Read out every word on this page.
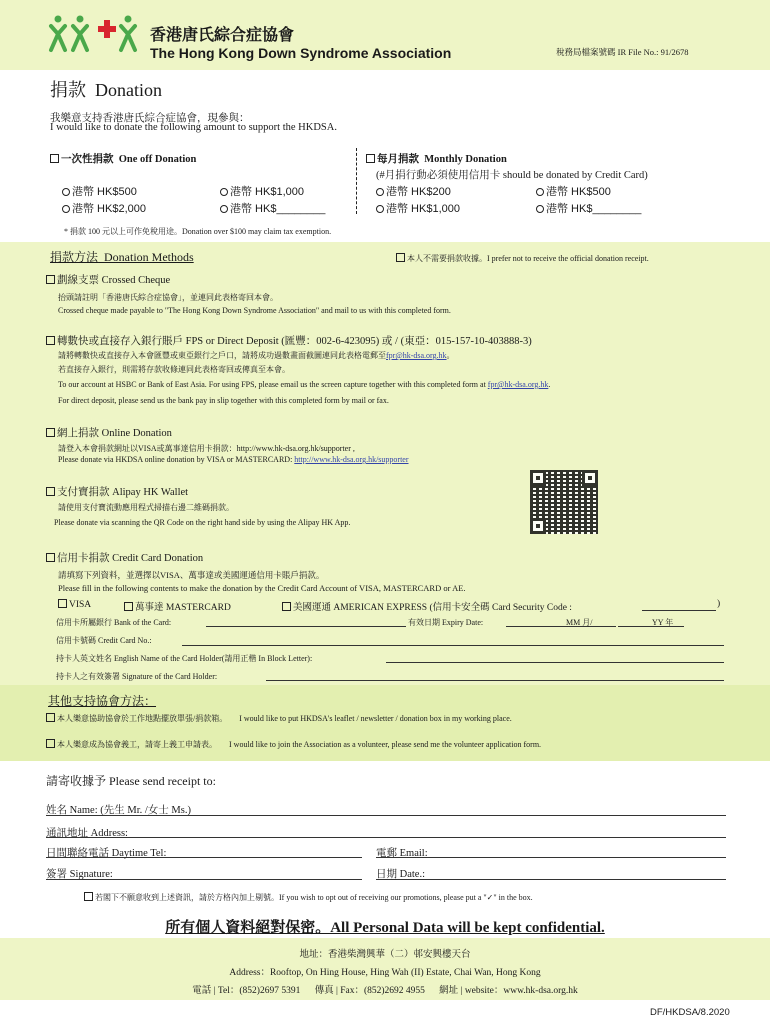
香港唐氏綜合症協會
The Hong Kong Down Syndrome Association	稅務局檔案號碼 IR File No.: 91/2678
捐款 Donation
我樂意支持香港唐氏綜合症協會，現參與：
I would like to donate the following amount to support the HKDSA.
一次性捐款 One off Donation
港幣 HK$500	港幣 HK$1,000
港幣 HK$2,000	港幣 HK$________
每月捐款 Monthly Donation
(#月捐行動必須使用信用卡 should be donated by Credit Card)
港幣 HK$200	港幣 HK$500
港幣 HK$1,000	港幣 HK$________
* 捐款 100 元以上可作免稅用途。Donation over $100 may claim tax exemption.
捐款方法 Donation Methods	本人不需要捐款收據。I prefer not to receive the official donation receipt.
劃線支票 Crossed Cheque
抬頭請註明「香港唐氏綜合症協會」，並連同此表格寄回本會。
Crossed cheque made payable to "The Hong Kong Down Syndrome Association" and mail to us with this completed form.
轉數快或直接存入銀行賬戶 FPS or Direct Deposit (匯豐：002-6-423095) 或 / (東亞：015-157-10-403888-3)
請將轉數快或直接存入本會匯豐或東亞銀行之戶口，請將成功過數畫面截圖連同此表格電郵至fpr@hk-dsa.org.hk。
若直接存入銀行，則需將存款收條連同此表格寄回或傳真至本會。
To our account at HSBC or Bank of East Asia. For using FPS, please email us the screen capture together with this completed form at fpr@hk-dsa.org.hk.
For direct deposit, please send us the bank pay in slip together with this completed form by mail or fax.
網上捐款 Online Donation
請登入本會捐款網址以VISA或萬事達信用卡捐款：http://www.hk-dsa.org.hk/supporter ,
Please donate via HKDSA online donation by VISA or MASTERCARD: http://www.hk-dsa.org.hk/supporter
支付寶捐款 Alipay HK Wallet
請使用支付寶流動應用程式掃描右邊二維碼捐款。
Please donate via scanning the QR Code on the right hand side by using the Alipay HK App.
信用卡捐款 Credit Card Donation
請填寫下列資料，並選擇以VISA、萬事達或美國運通信用卡賬戶捐款。
Please fill in the following contents to make the donation by the Credit Card Account of VISA, MASTERCARD or AE.
VISA	萬事達 MASTERCARD	美國運通 AMERICAN EXPRESS (信用卡安全碼 Card Security Code :	)
信用卡所屬銀行 Bank of the Card:	有效日期 Expiry Date:	MM 月/	YY 年
信用卡號碼 Credit Card No.:
持卡人英文姓名 English Name of the Card Holder(請用正楷 In Block Letter):
持卡人之有效簽署 Signature of the Card Holder:
其他支持協會方法：
本人樂意協助協會於工作地點擺放單張/捐款箱。 I would like to put HKDSA's leaflet / newsletter / donation box in my working place.
本人樂意成為協會義工，請寄上義工申請表。 I would like to join the Association as a volunteer, please send me the volunteer application form.
請寄收據予 Please send receipt to:
姓名 Name: (先生 Mr. /女士 Ms.)
通訊地址 Address:
日間聯絡電話 Daytime Tel:	電郵 Email:
簽署 Signature:	日期 Date.:
若閣下不願意收到上述資訊，請於方格內加上剔號。If you wish to opt out of receiving our promotions, please put a "✓" in the box.
所有個人資料絕對保密。All Personal Data will be kept confidential.
地址：香港柴灣興華（二）邨安興樓天台
Address：Rooftop, On Hing House, Hing Wah (II) Estate, Chai Wan, Hong Kong
電話 | Tel：(852)2697 5391      傳真 | Fax：(852)2692 4955      網址 | website：www.hk-dsa.org.hk
DF/HKDSA/8.2020
